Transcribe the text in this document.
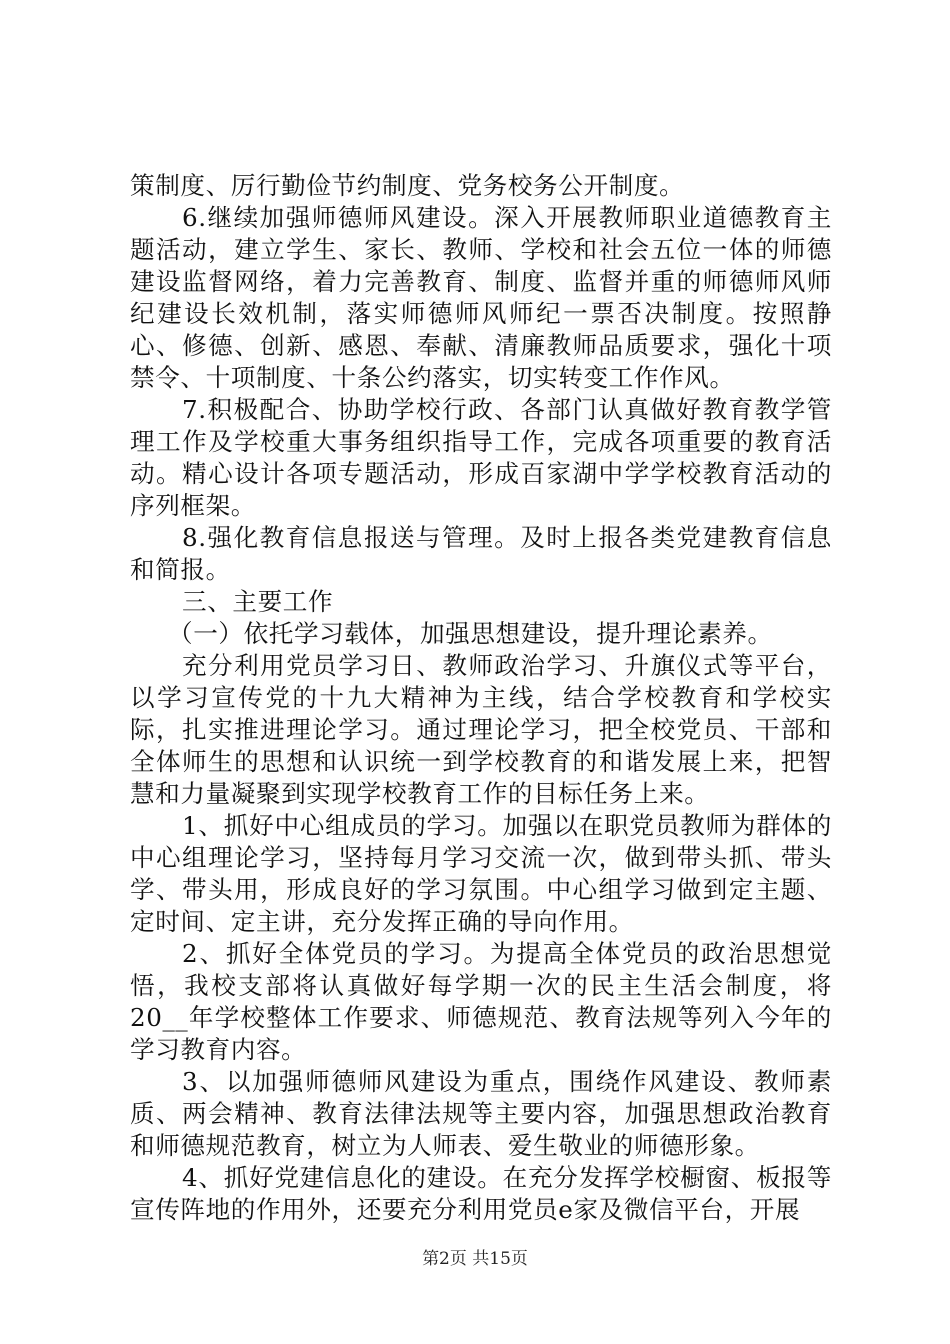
策制度、厉行勤俭节约制度、党务校务公开制度。

6.继续加强师德师风建设。深入开展教师职业道德教育主题活动，建立学生、家长、教师、学校和社会五位一体的师德建设监督网络，着力完善教育、制度、监督并重的师德师风师纪建设长效机制，落实师德师风师纪一票否决制度。按照静心、修德、创新、感恩、奉献、清廉教师品质要求，强化十项禁令、十项制度、十条公约落实，切实转变工作作风。

7.积极配合、协助学校行政、各部门认真做好教育教学管理工作及学校重大事务组织指导工作，完成各项重要的教育活动。精心设计各项专题活动，形成百家湖中学学校教育活动的序列框架。

8.强化教育信息报送与管理。及时上报各类党建教育信息和简报。

三、主要工作

（一）依托学习载体，加强思想建设，提升理论素养。

充分利用党员学习日、教师政治学习、升旗仪式等平台，以学习宣传党的十九大精神为主线，结合学校教育和学校实际，扎实推进理论学习。通过理论学习，把全校党员、干部和全体师生的思想和认识统一到学校教育的和谐发展上来，把智慧和力量凝聚到实现学校教育工作的目标任务上来。

1、抓好中心组成员的学习。加强以在职党员教师为群体的中心组理论学习，坚持每月学习交流一次，做到带头抓、带头学、带头用，形成良好的学习氛围。中心组学习做到定主题、定时间、定主讲，充分发挥正确的导向作用。

2、抓好全体党员的学习。为提高全体党员的政治思想觉悟，我校支部将认真做好每学期一次的民主生活会制度，将20__年学校整体工作要求、师德规范、教育法规等列入今年的学习教育内容。

3、以加强师德师风建设为重点，围绕作风建设、教师素质、两会精神、教育法律法规等主要内容，加强思想政治教育和师德规范教育，树立为人师表、爱生敬业的师德形象。

4、抓好党建信息化的建设。在充分发挥学校橱窗、板报等宣传阵地的作用外，还要充分利用党员e家及微信平台，开展

第2页 共15页
